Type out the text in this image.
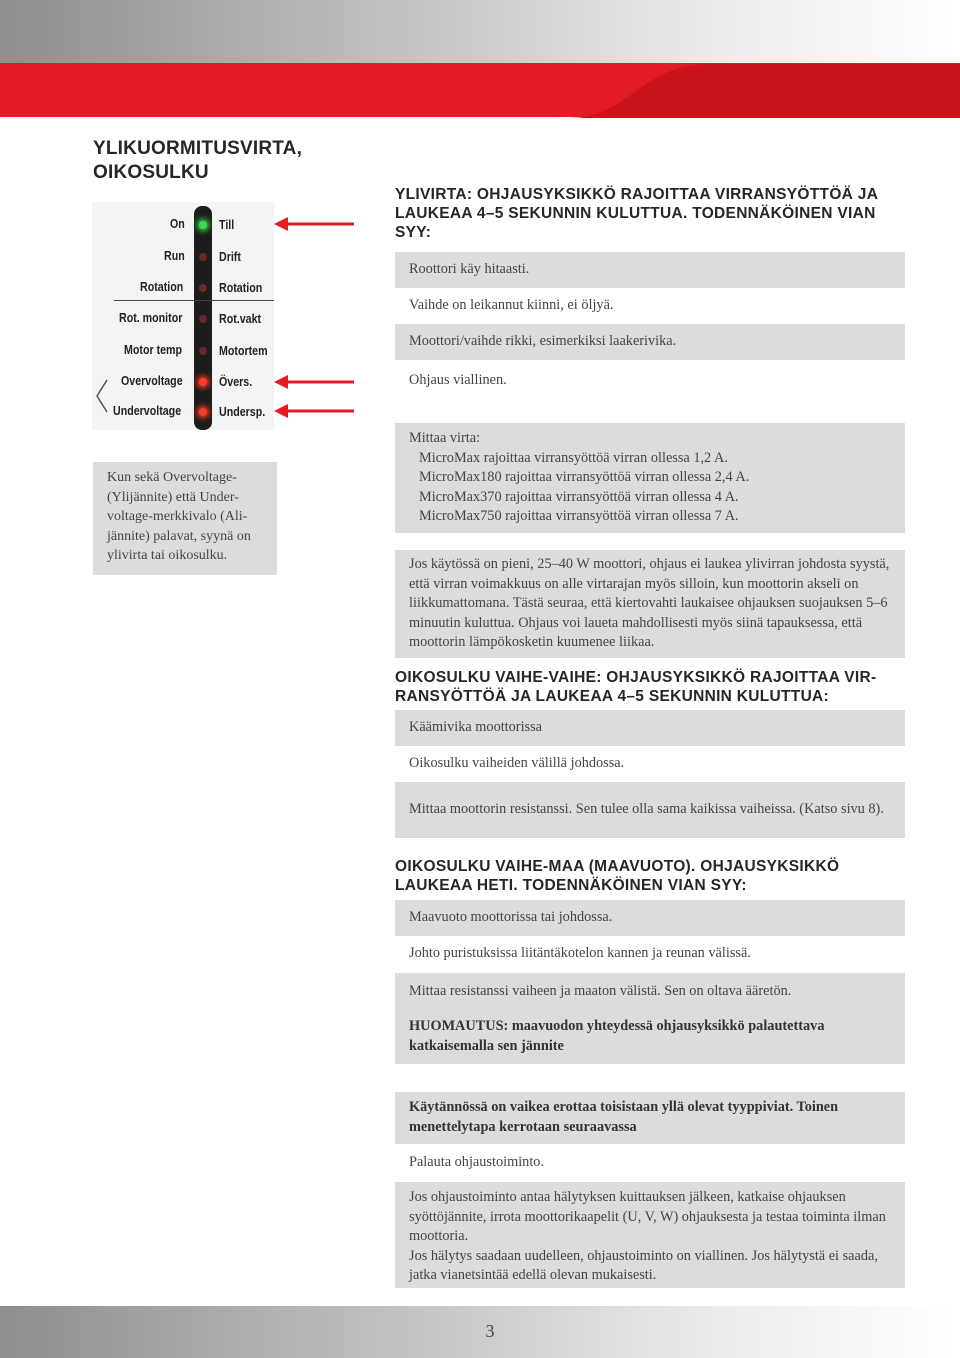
YLIKUORMITUSVIRTA, OIKOSULKU
On
Run
Rotation
Rot. monitor
Motor temp
Overvoltage
Undervoltage
Till
Drift
Rotation
Rot.vakt
Motortem
Övers.
Undersp.

Kun sekä Overvoltage-(Ylijännite) että Under-voltage-merkkivalo (Ali-jännite) palavat, syynä on ylivirta tai oikosulku.

YLIVIRTA: OHJAUSYKSIKKÖ RAJOITTAA VIRRANSYÖTTÖÄ JA LAUKEAA 4–5 SEKUNNIN KULUTTUA. TODENNÄKÖINEN VIAN SYY:
Roottori käy hitaasti.
Vaihde on leikannut kiinni, ei öljyä.
Moottori/vaihde rikki, esimerkiksi laakerivika.
Ohjaus viallinen.
Mittaa virta:
MicroMax rajoittaa virransyöttöä virran ollessa 1,2 A.
MicroMax180 rajoittaa virransyöttöä virran ollessa 2,4 A.
MicroMax370 rajoittaa virransyöttöä virran ollessa 4 A.
MicroMax750 rajoittaa virransyöttöä virran ollessa 7 A.
Jos käytössä on pieni, 25–40 W moottori, ohjaus ei laukea ylivirran johdosta syystä, että virran voimakkuus on alle virtarajan myös silloin, kun moottorin akseli on liikkumattomana. Tästä seuraa, että kiertovahti laukaisee ohjauksen suojauksen 5–6 minuutin kuluttua. Ohjaus voi laueta mahdollisesti myös siinä tapauksessa, että moottorin lämpökosketin kuumenee liikaa.
OIKOSULKU VAIHE-VAIHE: OHJAUSYKSIKKÖ RAJOITTAA VIR-
RANSYÖTTÖÄ JA LAUKEAA 4–5 SEKUNNIN KULUTTUA:
Käämivika moottorissa
Oikosulku vaiheiden välillä johdossa.
Mittaa moottorin resistanssi. Sen tulee olla sama kaikissa vaiheissa. (Katso sivu 8).
OIKOSULKU VAIHE-MAA (MAAVUOTO). OHJAUSYKSIKKÖ LAUKEAA HETI. TODENNÄKÖINEN VIAN SYY:
Maavuoto moottorissa tai johdossa.
Johto puristuksissa liitäntäkotelon kannen ja reunan välissä.
Mittaa resistanssi vaiheen ja maaton välistä. Sen on oltava ääretön.
HUOMAUTUS: maavuodon yhteydessä ohjausyksikkö palautettava katkaisemalla sen jännite
Käytännössä on vaikea erottaa toisistaan yllä olevat tyyppiviat. Toinen menettelytapa kerrotaan seuraavassa
Palauta ohjaustoiminto.
Jos ohjaustoiminto antaa hälytyksen kuittauksen jälkeen, katkaise ohjauksen syöttöjännite, irrota moottorikaapelit (U, V, W) ohjauksesta ja testaa toiminta ilman moottoria.
Jos hälytys saadaan uudelleen, ohjaustoiminto on viallinen. Jos hälytystä ei saada, jatka vianetsintää edellä olevan mukaisesti.
3
